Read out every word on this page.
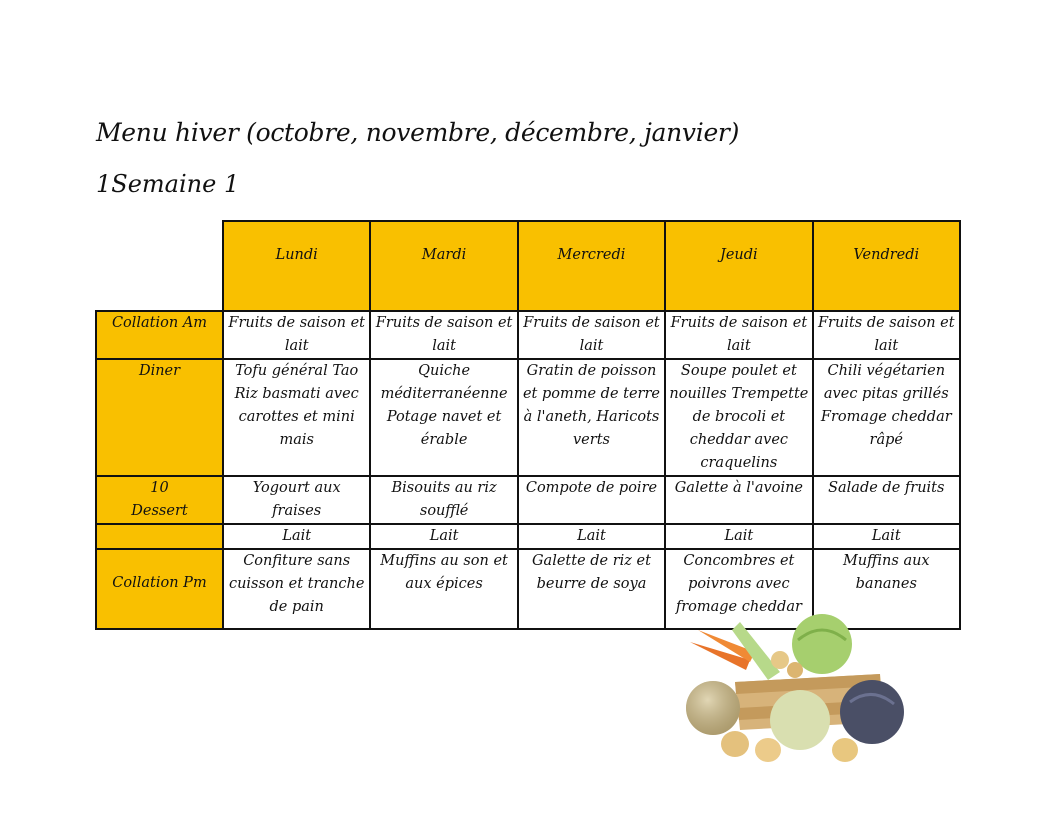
Menu hiver (octobre, novembre, décembre, janvier)
1Semaine 1
	Lundi	Mardi	Mercredi	Jeudi	Vendredi
Collation Am	Fruits de saison et lait	Fruits de saison et lait	Fruits de saison et lait	Fruits de saison et lait	Fruits de saison et lait
Diner	Tofu général Tao Riz basmati avec carottes et mini mais	Quiche méditerranéenne Potage navet et érable	Gratin de poisson et pomme de terre à l'aneth, Haricots verts	Soupe poulet et nouilles Trempette de brocoli et cheddar avec craquelins	Chili végétarien avec pitas grillés Fromage cheddar râpé

10
Dessert	Yogourt aux fraises	Bisouits au riz soufflé	Compote de poire	Galette à l'avoine	Salade de fruits
	Lait	Lait	Lait	Lait	Lait

Collation Pm	Confiture sans cuisson et tranche de pain	Muffins au son et aux épices	Galette de riz et beurre de soya	Concombres et poivrons avec fromage cheddar	Muffins aux bananes
